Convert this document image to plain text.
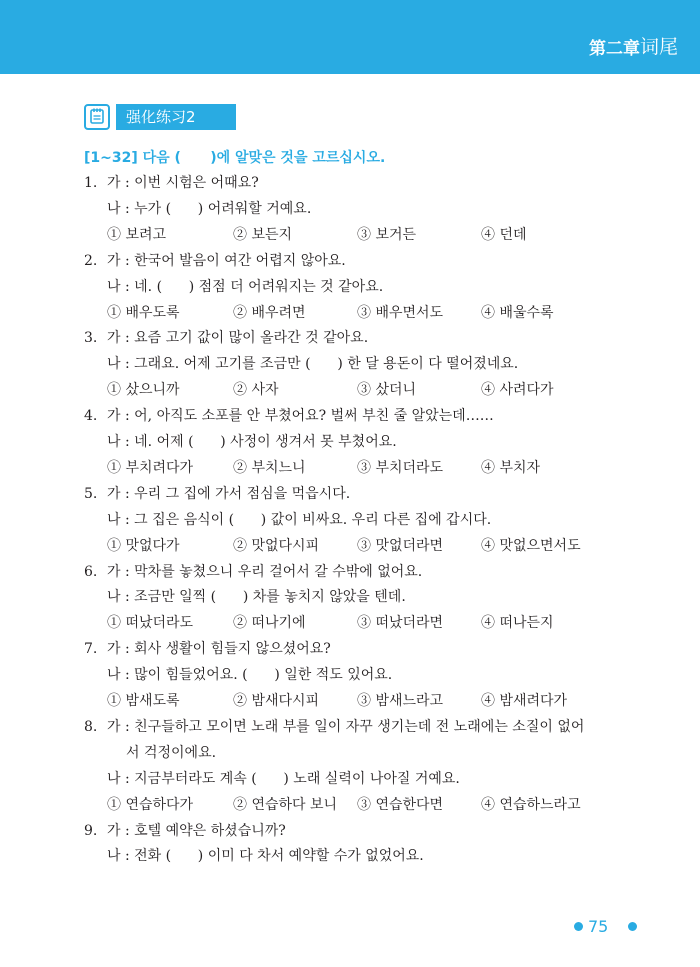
第二章 词尾
强化练习2
[1~32] 다음 (      )에 알맞은 것을 고르십시오.
1. 가 : 이번 시험은 어때요?
나 : 누가 (      ) 어려워할 거예요.
① 보려고	② 보든지	③ 보거든	④ 던데
2. 가 : 한국어 발음이 여간 어렵지 않아요.
나 : 네. (      ) 점점 더 어려워지는 것 같아요.
① 배우도록	② 배우려면	③ 배우면서도	④ 배울수록
3. 가 : 요즘 고기 값이 많이 올라간 것 같아요.
나 : 그래요. 어제 고기를 조금만 (      ) 한 달 용돈이 다 떨어졌네요.
① 샀으니까	② 사자	③ 샀더니	④ 사려다가
4. 가 : 어, 아직도 소포를 안 부쳤어요? 벌써 부친 줄 알았는데……
나 : 네. 어제 (      ) 사정이 생겨서 못 부쳤어요.
① 부치려다가	② 부치느니	③ 부치더라도	④ 부치자
5. 가 : 우리 그 집에 가서 점심을 먹읍시다.
나 : 그 집은 음식이 (      ) 값이 비싸요. 우리 다른 집에 갑시다.
① 맛없다가	② 맛없다시피	③ 맛없더라면	④ 맛없으면서도
6. 가 : 막차를 놓쳤으니 우리 걸어서 갈 수밖에 없어요.
나 : 조금만 일찍 (      ) 차를 놓치지 않았을 텐데.
① 떠났더라도	② 떠나기에	③ 떠났더라면	④ 떠나든지
7. 가 : 회사 생활이 힘들지 않으셨어요?
나 : 많이 힘들었어요. (      ) 일한 적도 있어요.
① 밤새도록	② 밤새다시피	③ 밤새느라고	④ 밤새려다가
8. 가 : 친구들하고 모이면 노래 부를 일이 자꾸 생기는데 전 노래에는 소질이 없어
서 걱정이에요.
나 : 지금부터라도 계속 (      ) 노래 실력이 나아질 거예요.
① 연습하다가	② 연습하다 보니 ③ 연습한다면	④ 연습하느라고
9. 가 : 호텔 예약은 하셨습니까?
나 : 전화 (      ) 이미 다 차서 예약할 수가 없었어요.
75
